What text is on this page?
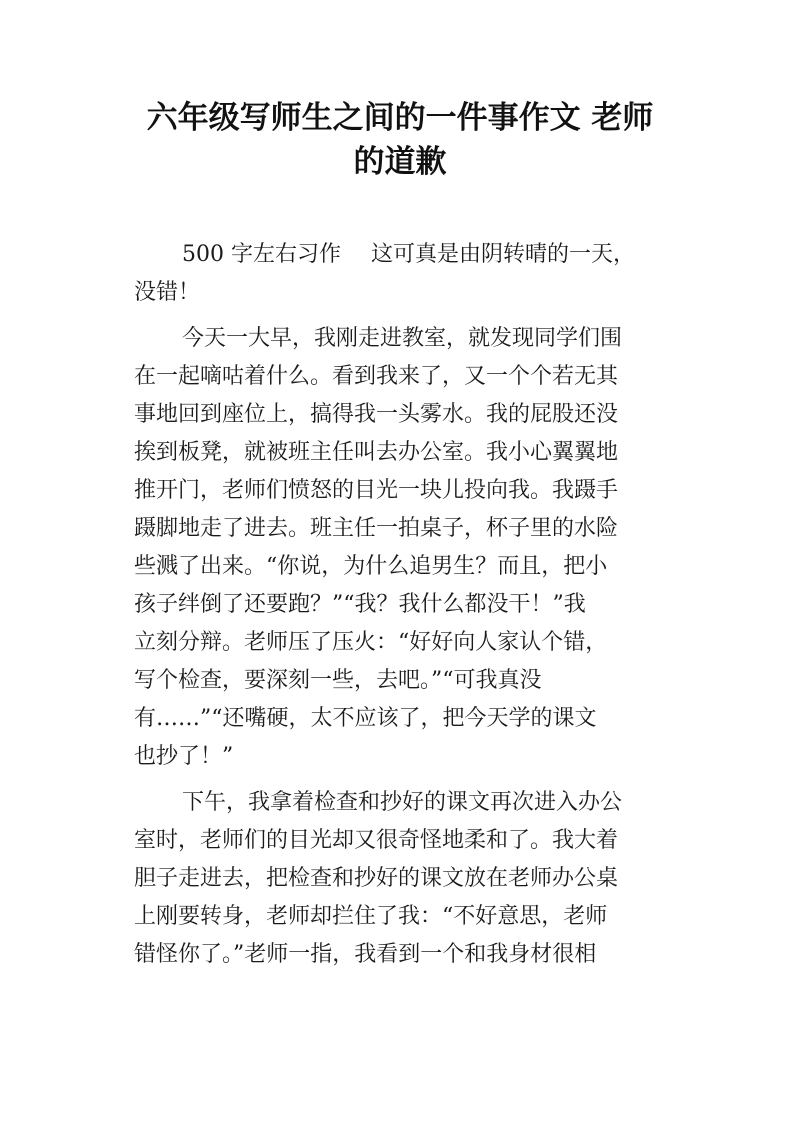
六年级写师生之间的一件事作文 老师
的道歉
500 字左右习作 这可真是由阴转晴的一天，
没错！
今天一大早，我刚走进教室，就发现同学们围
在一起嘀咕着什么。看到我来了，又一个个若无其
事地回到座位上，搞得我一头雾水。我的屁股还没
挨到板凳，就被班主任叫去办公室。我小心翼翼地
推开门，老师们愤怒的目光一块儿投向我。我蹑手
蹑脚地走了进去。班主任一拍桌子，杯子里的水险
些溅了出来。“你说，为什么追男生？而且，把小
孩子绊倒了还要跑？”“我？我什么都没干！”我
立刻分辩。老师压了压火：“好好向人家认个错，
写个检查，要深刻一些，去吧。”“可我真没
有……”“还嘴硬，太不应该了，把今天学的课文
也抄了！”
下午，我拿着检查和抄好的课文再次进入办公
室时，老师们的目光却又很奇怪地柔和了。我大着
胆子走进去，把检查和抄好的课文放在老师办公桌
上刚要转身，老师却拦住了我：“不好意思，老师
错怪你了。”老师一指，我看到一个和我身材很相
